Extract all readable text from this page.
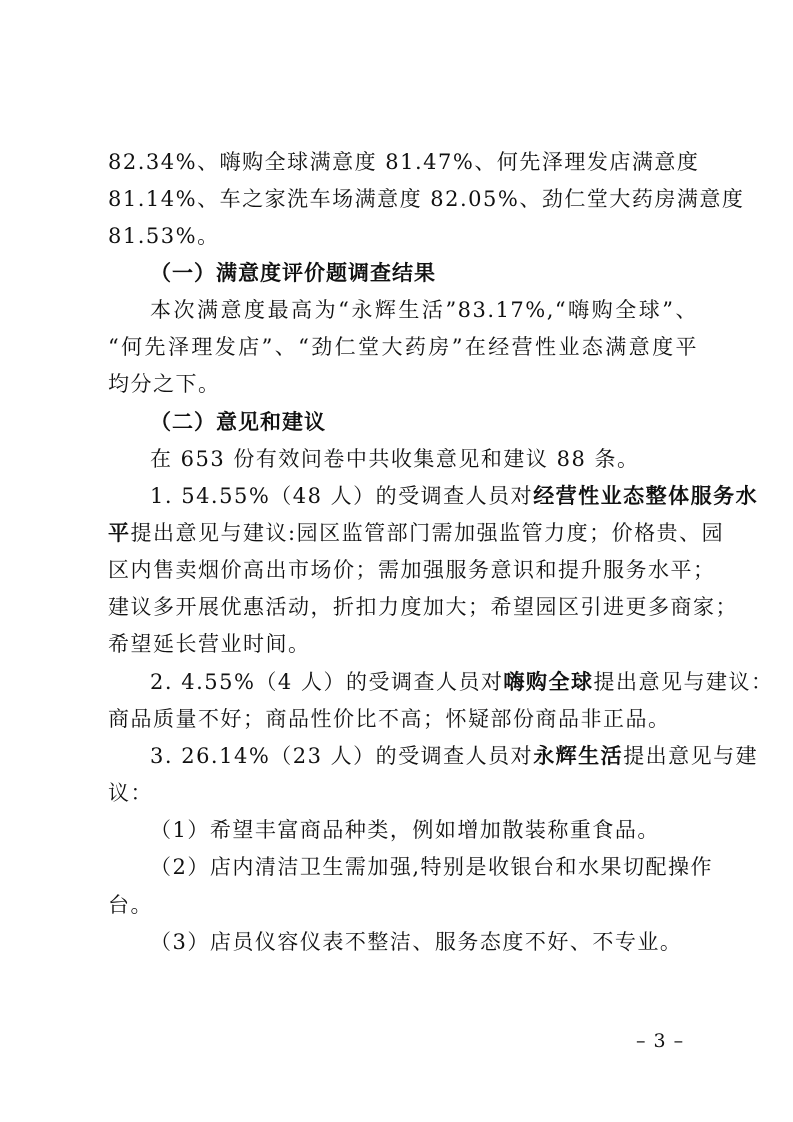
82.34%、嗨购全球满意度 81.47%、何先泽理发店满意度
81.14%、车之家洗车场满意度 82.05%、劲仁堂大药房满意度
81.53%。
（一）满意度评价题调查结果
本次满意度最高为“永辉生活”83.17%,“嗨购全球”、
“何先泽理发店”、“劲仁堂大药房”在经营性业态满意度平
均分之下。
（二）意见和建议
在 653 份有效问卷中共收集意见和建议 88 条。
1. 54.55%（48 人）的受调查人员对经营性业态整体服务水
平提出意见与建议:园区监管部门需加强监管力度；价格贵、园
区内售卖烟价高出市场价；需加强服务意识和提升服务水平；
建议多开展优惠活动，折扣力度加大；希望园区引进更多商家；
希望延长营业时间。
2. 4.55%（4 人）的受调查人员对嗨购全球提出意见与建议：
商品质量不好；商品性价比不高；怀疑部份商品非正品。
3. 26.14%（23 人）的受调查人员对永辉生活提出意见与建
议：
（1）希望丰富商品种类，例如增加散装称重食品。
（2）店内清洁卫生需加强,特别是收银台和水果切配操作
台。
（3）店员仪容仪表不整洁、服务态度不好、不专业。
– 3 –
